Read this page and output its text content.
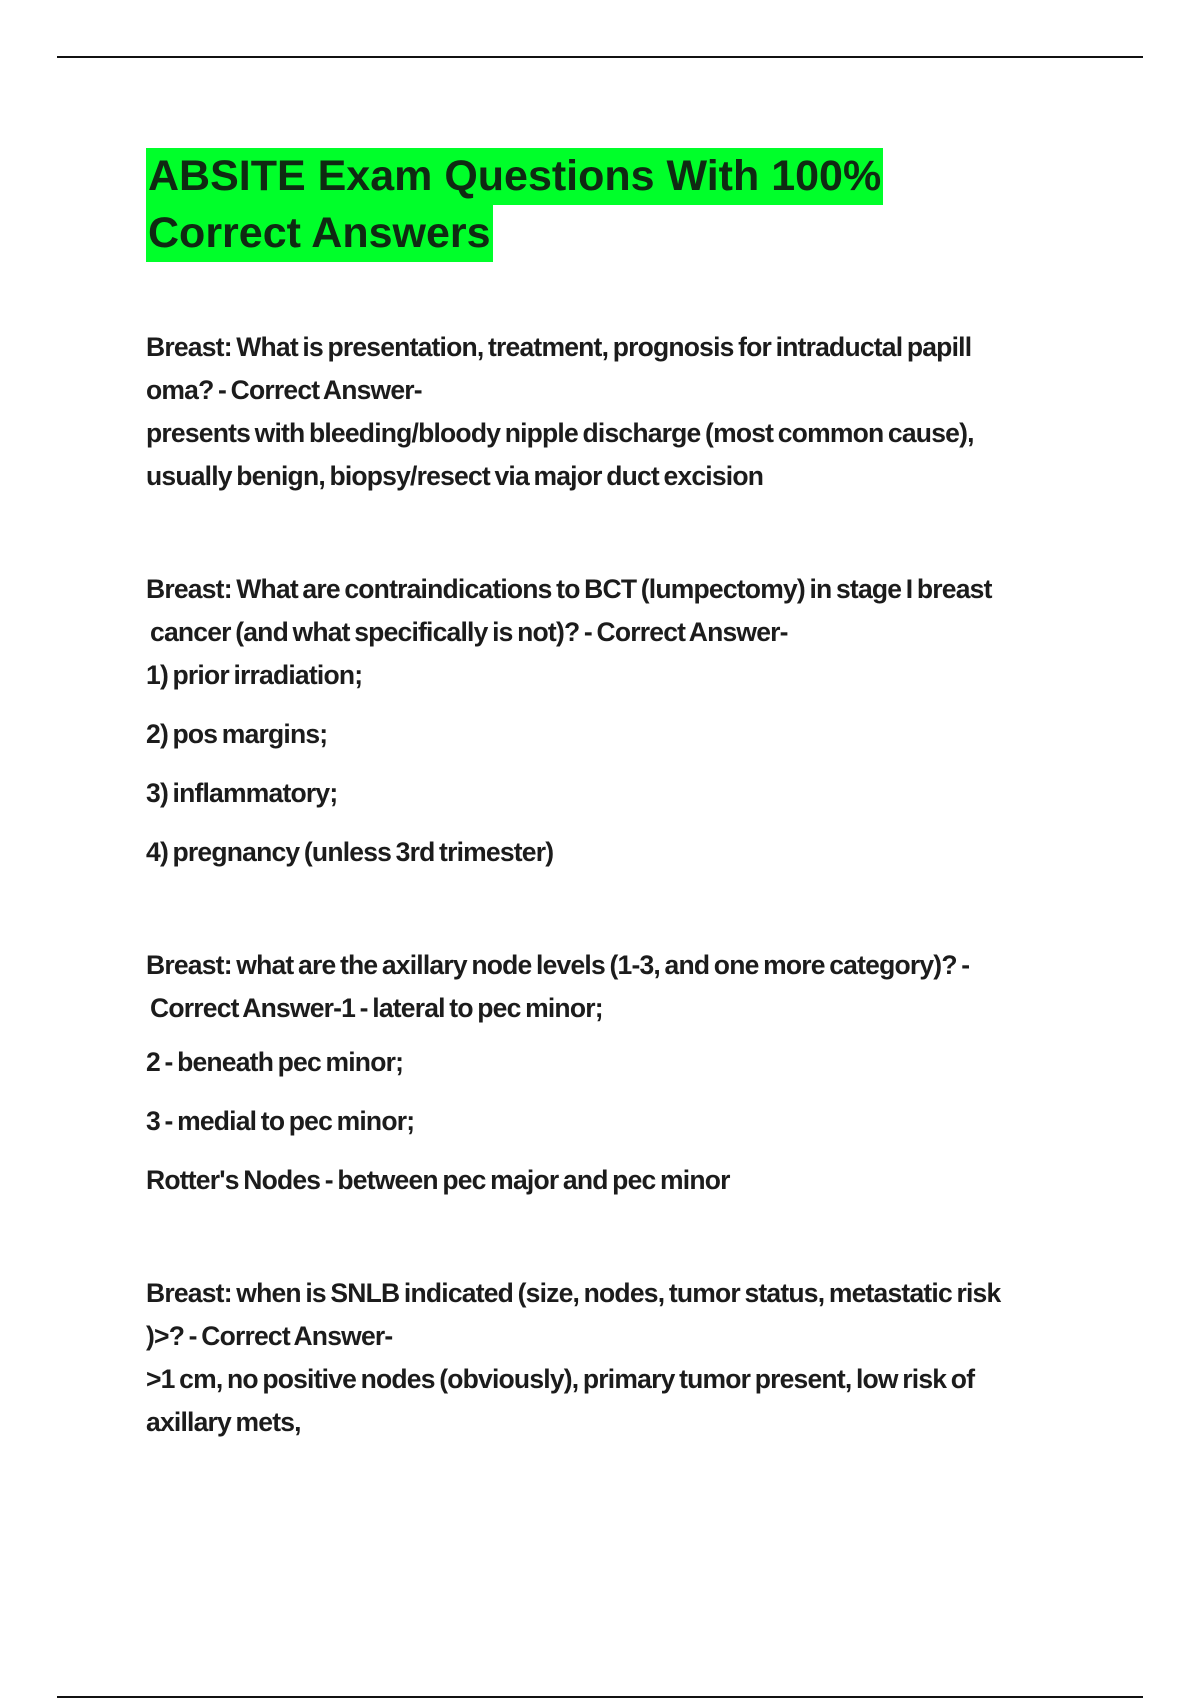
ABSITE Exam Questions With 100%
Correct Answers

Breast: What is presentation, treatment, prognosis for intraductal papill

oma? - Correct Answer-

presents with bleeding/bloody nipple discharge (most common cause),

usually benign, biopsy/resect via major duct excision

Breast: What are contraindications to BCT (lumpectomy) in stage I breast

cancer (and what specifically is not)? - Correct Answer-

1) prior irradiation;

2) pos margins;

3) inflammatory;

4) pregnancy (unless 3rd trimester)

Breast: what are the axillary node levels (1-3, and one more category)? -

Correct Answer-1 - lateral to pec minor;

2 - beneath pec minor;

3 - medial to pec minor;

Rotter's Nodes - between pec major and pec minor

Breast: when is SNLB indicated (size, nodes, tumor status, metastatic risk

)>? - Correct Answer-

>1 cm, no positive nodes (obviously), primary tumor present, low risk of

axillary mets,
